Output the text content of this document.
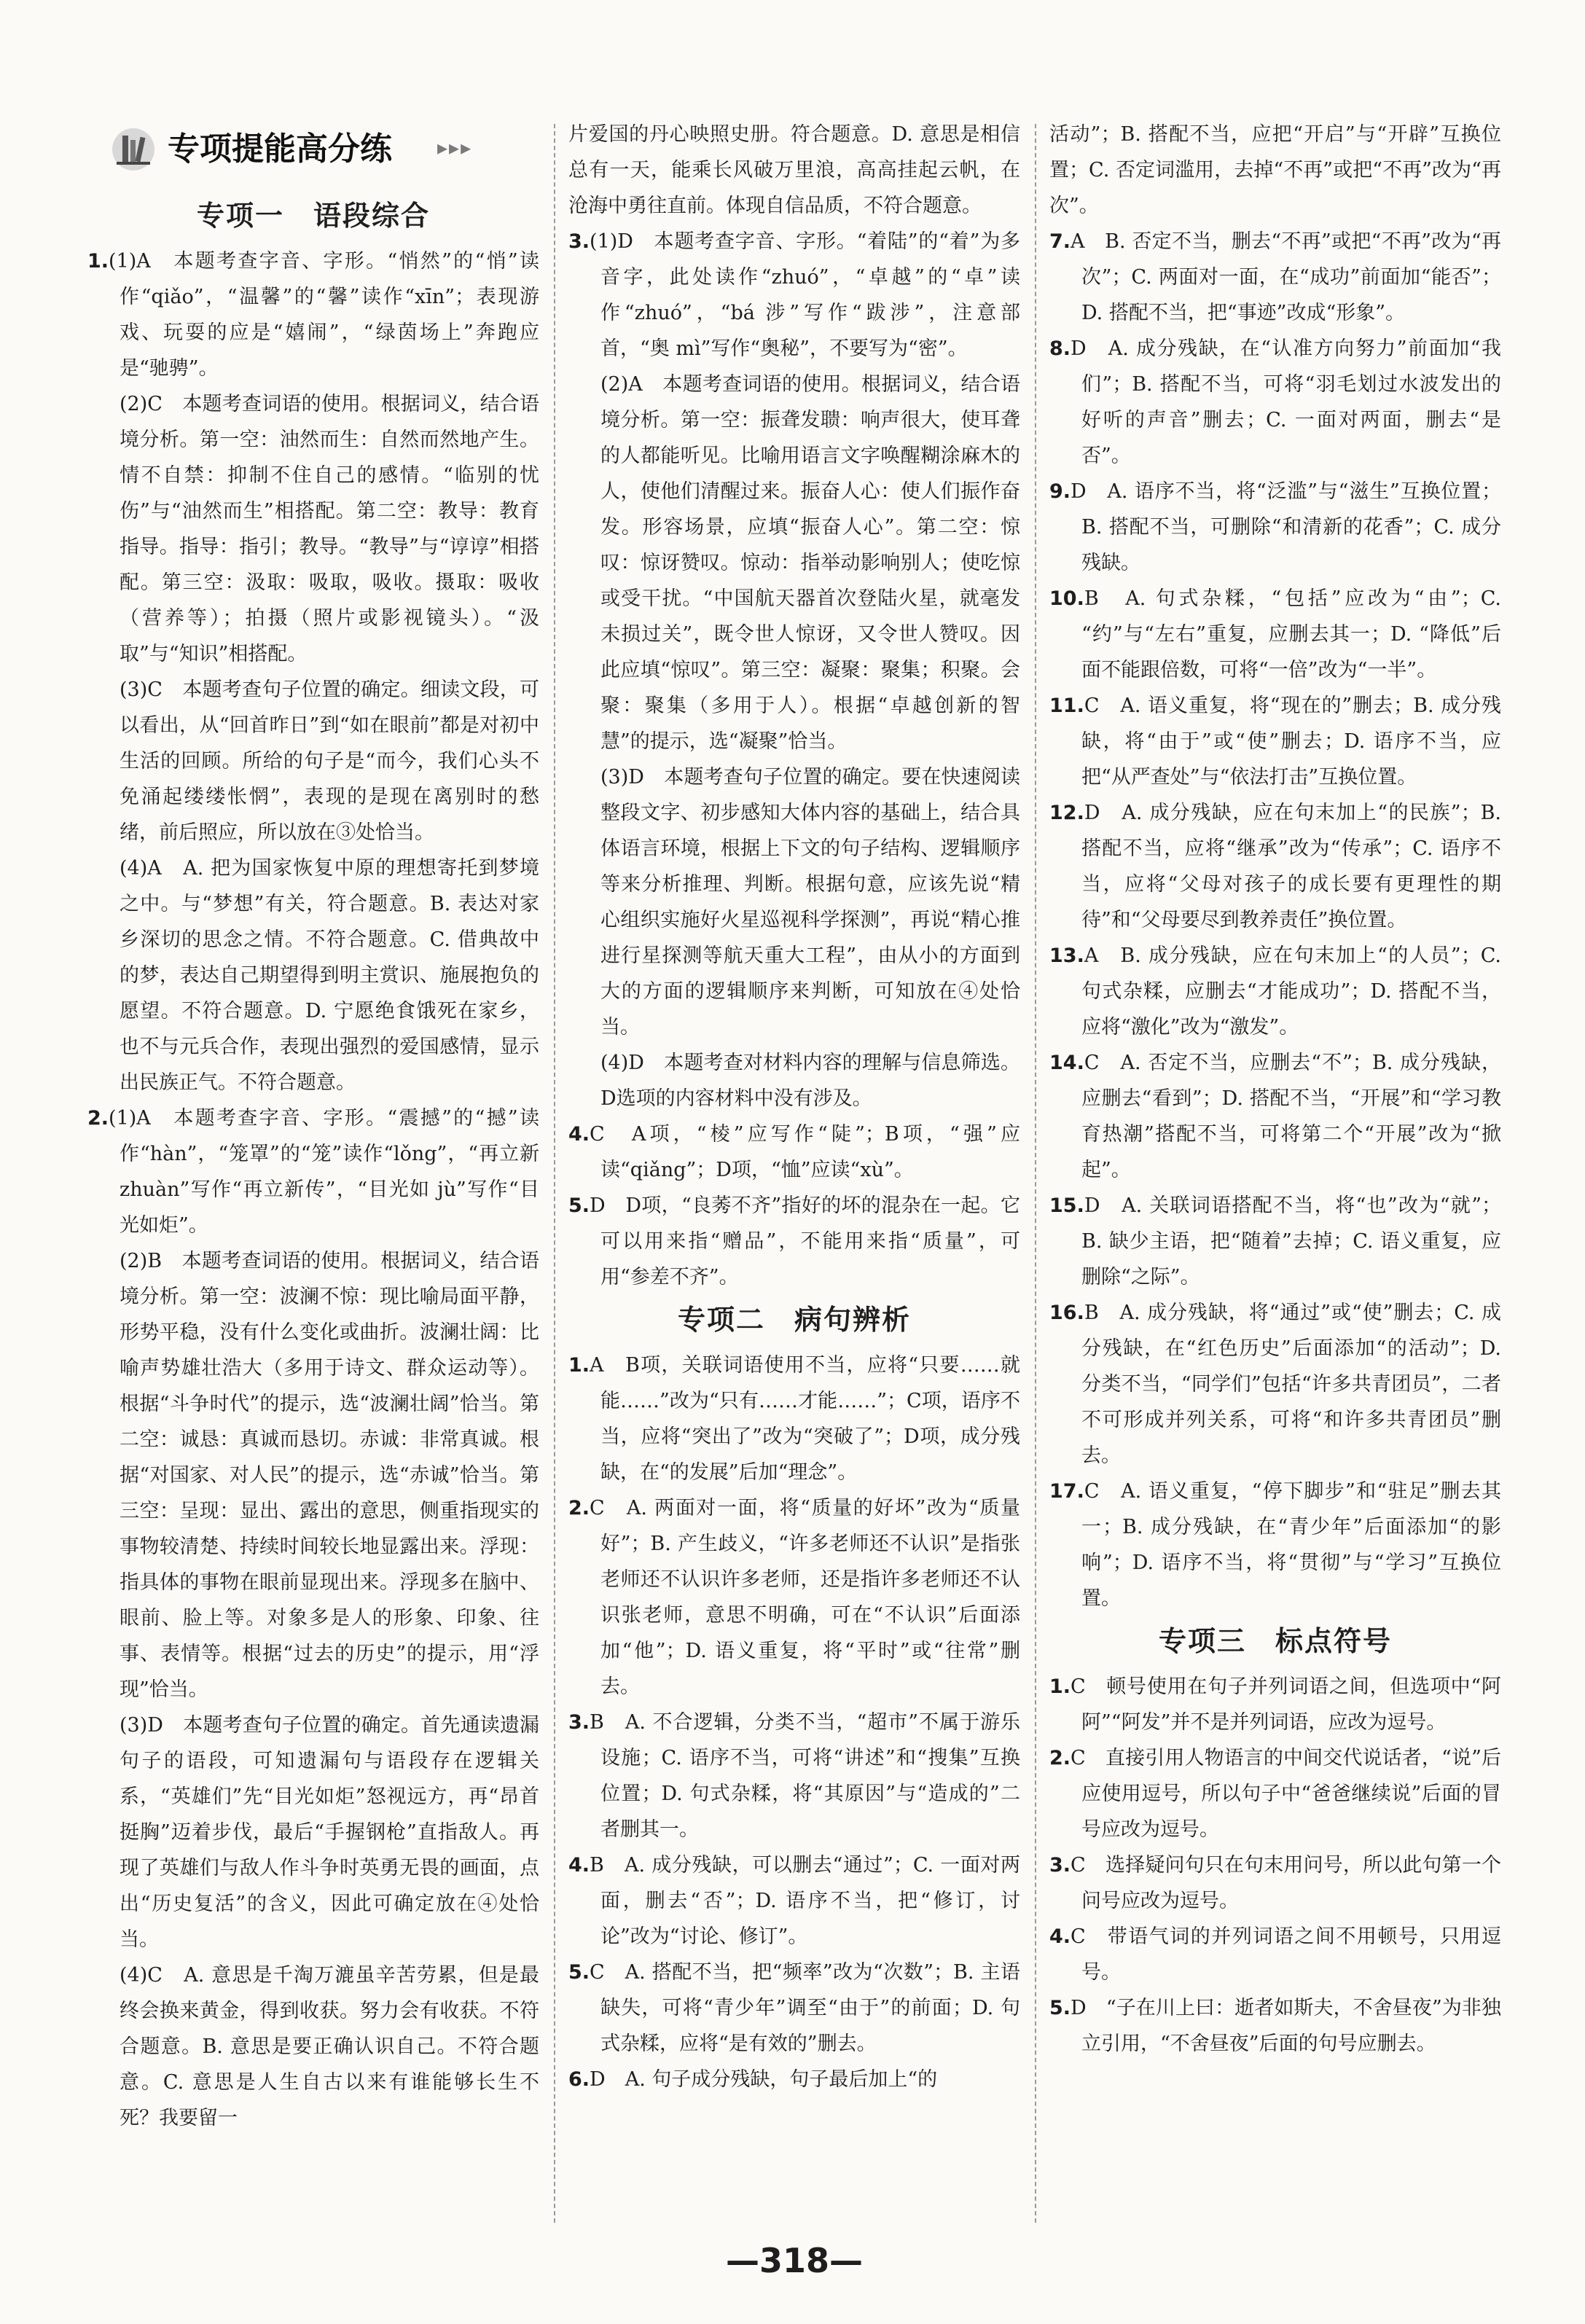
专项提能高分练 ▸▸▸
专项一　语段综合

1.(1)A　本题考查字音、字形。“悄然”的“悄”读作“qiǎo”，“温馨”的“馨”读作“xīn”；表现游戏、玩耍的应是“嬉闹”，“绿茵场上”奔跑应是“驰骋”。

(2)C　本题考查词语的使用。根据词义，结合语境分析。第一空：油然而生：自然而然地产生。情不自禁：抑制不住自己的感情。“临别的忧伤”与“油然而生”相搭配。第二空：教导：教育指导。指导：指引；教导。“教导”与“谆谆”相搭配。第三空：汲取：吸取，吸收。摄取：吸收（营养等）；拍摄（照片或影视镜头）。“汲取”与“知识”相搭配。

(3)C　本题考查句子位置的确定。细读文段，可以看出，从“回首昨日”到“如在眼前”都是对初中生活的回顾。所给的句子是“而今，我们心头不免涌起缕缕怅惘”，表现的是现在离别时的愁绪，前后照应，所以放在③处恰当。

(4)A　A. 把为国家恢复中原的理想寄托到梦境之中。与“梦想”有关，符合题意。B. 表达对家乡深切的思念之情。不符合题意。C. 借典故中的梦，表达自己期望得到明主赏识、施展抱负的愿望。不符合题意。D. 宁愿绝食饿死在家乡，也不与元兵合作，表现出强烈的爱国感情，显示出民族正气。不符合题意。

2.(1)A　本题考查字音、字形。“震撼”的“撼”读作“hàn”，“笼罩”的“笼”读作“lǒng”，“再立新 zhuàn”写作“再立新传”，“目光如 jù”写作“目光如炬”。

(2)B　本题考查词语的使用。根据词义，结合语境分析。第一空：波澜不惊：现比喻局面平静，形势平稳，没有什么变化或曲折。波澜壮阔：比喻声势雄壮浩大（多用于诗文、群众运动等）。根据“斗争时代”的提示，选“波澜壮阔”恰当。第二空：诚恳：真诚而恳切。赤诚：非常真诚。根据“对国家、对人民”的提示，选“赤诚”恰当。第三空：呈现：显出、露出的意思，侧重指现实的事物较清楚、持续时间较长地显露出来。浮现：指具体的事物在眼前显现出来。浮现多在脑中、眼前、脸上等。对象多是人的形象、印象、往事、表情等。根据“过去的历史”的提示，用“浮现”恰当。

(3)D　本题考查句子位置的确定。首先通读遗漏句子的语段，可知遗漏句与语段存在逻辑关系，“英雄们”先“目光如炬”怒视远方，再“昂首挺胸”迈着步伐，最后“手握钢枪”直指敌人。再现了英雄们与敌人作斗争时英勇无畏的画面，点出“历史复活”的含义，因此可确定放在④处恰当。

(4)C　A. 意思是千淘万漉虽辛苦劳累，但是最终会换来黄金，得到收获。努力会有收获。不符合题意。B. 意思是要正确认识自己。不符合题意。C. 意思是人生自古以来有谁能够长生不死？我要留一

片爱国的丹心映照史册。符合题意。D. 意思是相信总有一天，能乘长风破万里浪，高高挂起云帆，在沧海中勇往直前。体现自信品质，不符合题意。

3.(1)D　本题考查字音、字形。“着陆”的“着”为多音字，此处读作“zhuó”，“卓越”的“卓”读作“zhuó”，“bá 涉”写作“跋涉”，注意部首，“奥 mì”写作“奥秘”，不要写为“密”。

(2)A　本题考查词语的使用。根据词义，结合语境分析。第一空：振聋发聩：响声很大，使耳聋的人都能听见。比喻用语言文字唤醒糊涂麻木的人，使他们清醒过来。振奋人心：使人们振作奋发。形容场景，应填“振奋人心”。第二空：惊叹：惊讶赞叹。惊动：指举动影响别人；使吃惊或受干扰。“中国航天器首次登陆火星，就毫发未损过关”，既令世人惊讶，又令世人赞叹。因此应填“惊叹”。第三空：凝聚：聚集；积聚。会聚：聚集（多用于人）。根据“卓越创新的智慧”的提示，选“凝聚”恰当。

(3)D　本题考查句子位置的确定。要在快速阅读整段文字、初步感知大体内容的基础上，结合具体语言环境，根据上下文的句子结构、逻辑顺序等来分析推理、判断。根据句意，应该先说“精心组织实施好火星巡视科学探测”，再说“精心推进行星探测等航天重大工程”，由从小的方面到大的方面的逻辑顺序来判断，可知放在④处恰当。

(4)D　本题考查对材料内容的理解与信息筛选。D选项的内容材料中没有涉及。

4.C　A项，“棱”应写作“陡”；B项，“强”应读“qiǎng”；D项，“恤”应读“xù”。

5.D　D项，“良莠不齐”指好的坏的混杂在一起。它可以用来指“赠品”，不能用来指“质量”，可用“参差不齐”。

专项二　病句辨析

1.A　B项，关联词语使用不当，应将“只要……就能……”改为“只有……才能……”；C项，语序不当，应将“突出了”改为“突破了”；D项，成分残缺，在“的发展”后加“理念”。

2.C　A. 两面对一面，将“质量的好坏”改为“质量好”；B. 产生歧义，“许多老师还不认识”是指张老师还不认识许多老师，还是指许多老师还不认识张老师，意思不明确，可在“不认识”后面添加“他”；D. 语义重复，将“平时”或“往常”删去。

3.B　A. 不合逻辑，分类不当，“超市”不属于游乐设施；C. 语序不当，可将“讲述”和“搜集”互换位置；D. 句式杂糅，将“其原因”与“造成的”二者删其一。

4.B　A. 成分残缺，可以删去“通过”；C. 一面对两面，删去“否”；D. 语序不当，把“修订，讨论”改为“讨论、修订”。

5.C　A. 搭配不当，把“频率”改为“次数”；B. 主语缺失，可将“青少年”调至“由于”的前面；D. 句式杂糅，应将“是有效的”删去。

6.D　A. 句子成分残缺，句子最后加上“的

活动”；B. 搭配不当，应把“开启”与“开辟”互换位置；C. 否定词滥用，去掉“不再”或把“不再”改为“再次”。

7.A　B. 否定不当，删去“不再”或把“不再”改为“再次”；C. 两面对一面，在“成功”前面加“能否”；D. 搭配不当，把“事迹”改成“形象”。

8.D　A. 成分残缺，在“认准方向努力”前面加“我们”；B. 搭配不当，可将“羽毛划过水波发出的好听的声音”删去；C. 一面对两面，删去“是否”。

9.D　A. 语序不当，将“泛滥”与“滋生”互换位置；B. 搭配不当，可删除“和清新的花香”；C. 成分残缺。

10.B　A. 句式杂糅，“包括”应改为“由”；C. “约”与“左右”重复，应删去其一；D. “降低”后面不能跟倍数，可将“一倍”改为“一半”。

11.C　A. 语义重复，将“现在的”删去；B. 成分残缺，将“由于”或“使”删去；D. 语序不当，应把“从严查处”与“依法打击”互换位置。

12.D　A. 成分残缺，应在句末加上“的民族”；B. 搭配不当，应将“继承”改为“传承”；C. 语序不当，应将“父母对孩子的成长要有更理性的期待”和“父母要尽到教养责任”换位置。

13.A　B. 成分残缺，应在句末加上“的人员”；C. 句式杂糅，应删去“才能成功”；D. 搭配不当，应将“激化”改为“激发”。

14.C　A. 否定不当，应删去“不”；B. 成分残缺，应删去“看到”；D. 搭配不当，“开展”和“学习教育热潮”搭配不当，可将第二个“开展”改为“掀起”。

15.D　A. 关联词语搭配不当，将“也”改为“就”；B. 缺少主语，把“随着”去掉；C. 语义重复，应删除“之际”。

16.B　A. 成分残缺，将“通过”或“使”删去；C. 成分残缺，在“红色历史”后面添加“的活动”；D. 分类不当，“同学们”包括“许多共青团员”，二者不可形成并列关系，可将“和许多共青团员”删去。

17.C　A. 语义重复，“停下脚步”和“驻足”删去其一；B. 成分残缺，在“青少年”后面添加“的影响”；D. 语序不当，将“贯彻”与“学习”互换位置。

专项三　标点符号

1.C　顿号使用在句子并列词语之间，但选项中“阿阿”“阿发”并不是并列词语，应改为逗号。

2.C　直接引用人物语言的中间交代说话者，“说”后应使用逗号，所以句子中“爸爸继续说”后面的冒号应改为逗号。

3.C　选择疑问句只在句末用问号，所以此句第一个问号应改为逗号。

4.C　带语气词的并列词语之间不用顿号，只用逗号。

5.D　“子在川上曰：逝者如斯夫，不舍昼夜”为非独立引用，“不舍昼夜”后面的句号应删去。

—318—
